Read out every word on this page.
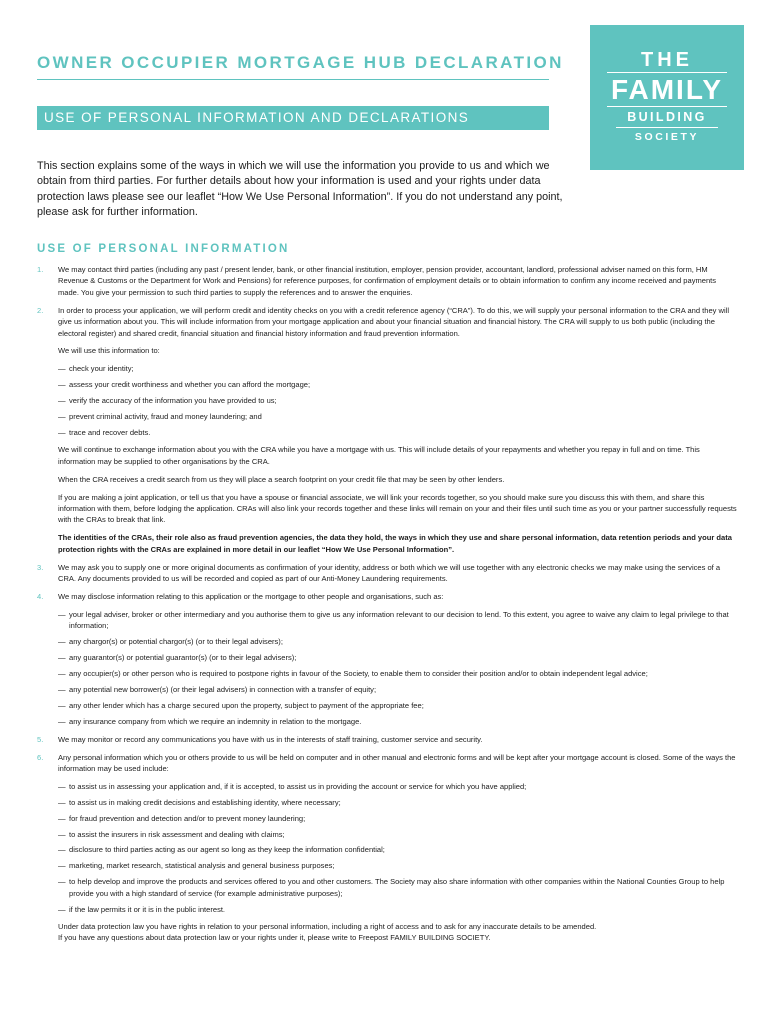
OWNER OCCUPIER MORTGAGE HUB DECLARATION
USE OF PERSONAL INFORMATION AND DECLARATIONS
THE
FAMILY
BUILDING
SOCIETY
This section explains some of the ways in which we will use the information you provide to us and which we obtain from third parties. For further details about how your information is used and your rights under data protection laws please see our leaflet “How We Use Personal Information”. If you do not understand any point, please ask for further information.
USE OF PERSONAL INFORMATION
1. We may contact third parties (including any past / present lender, bank, or other financial institution, employer, pension provider, accountant, landlord, professional adviser named on this form, HM Revenue & Customs or the Department for Work and Pensions) for reference purposes, for confirmation of employment details or to obtain information to confirm any income received and payments made. You give your permission to such third parties to supply the references and to answer the enquiries.
2. In order to process your application, we will perform credit and identity checks on you with a credit reference agency (“CRA”). To do this, we will supply your personal information to the CRA and they will give us information about you. This will include information from your mortgage application and about your financial situation and financial history. The CRA will supply to us both public (including the electoral register) and shared credit, financial situation and financial history information and fraud prevention information.
We will use this information to:
— check your identity;
— assess your credit worthiness and whether you can afford the mortgage;
— verify the accuracy of the information you have provided to us;
— prevent criminal activity, fraud and money laundering; and
— trace and recover debts.
We will continue to exchange information about you with the CRA while you have a mortgage with us. This will include details of your repayments and whether you repay in full and on time. This information may be supplied to other organisations by the CRA.
When the CRA receives a credit search from us they will place a search footprint on your credit file that may be seen by other lenders.
If you are making a joint application, or tell us that you have a spouse or financial associate, we will link your records together, so you should make sure you discuss this with them, and share this information with them, before lodging the application. CRAs will also link your records together and these links will remain on your and their files until such time as you or your partner successfully requests with the CRAs to break that link.
The identities of the CRAs, their role also as fraud prevention agencies, the data they hold, the ways in which they use and share personal information, data retention periods and your data protection rights with the CRAs are explained in more detail in our leaflet “How We Use Personal Information”.
3. We may ask you to supply one or more original documents as confirmation of your identity, address or both which we will use together with any electronic checks we may make using the services of a CRA. Any documents provided to us will be recorded and copied as part of our Anti-Money Laundering requirements.
4. We may disclose information relating to this application or the mortgage to other people and organisations, such as:
— your legal adviser, broker or other intermediary and you authorise them to give us any information relevant to our decision to lend. To this extent, you agree to waive any claim to legal privilege to that information;
— any chargor(s) or potential chargor(s) (or to their legal advisers);
— any guarantor(s) or potential guarantor(s) (or to their legal advisers);
— any occupier(s) or other person who is required to postpone rights in favour of the Society, to enable them to consider their position and/or to obtain independent legal advice;
— any potential new borrower(s) (or their legal advisers) in connection with a transfer of equity;
— any other lender which has a charge secured upon the property, subject to payment of the appropriate fee;
— any insurance company from which we require an indemnity in relation to the mortgage.
5. We may monitor or record any communications you have with us in the interests of staff training, customer service and security.
6. Any personal information which you or others provide to us will be held on computer and in other manual and electronic forms and will be kept after your mortgage account is closed. Some of the ways the information may be used include:
— to assist us in assessing your application and, if it is accepted, to assist us in providing the account or service for which you have applied;
— to assist us in making credit decisions and establishing identity, where necessary;
— for fraud prevention and detection and/or to prevent money laundering;
— to assist the insurers in risk assessment and dealing with claims;
— disclosure to third parties acting as our agent so long as they keep the information confidential;
— marketing, market research, statistical analysis and general business purposes;
— to help develop and improve the products and services offered to you and other customers. The Society may also share information with other companies within the National Counties Group to help provide you with a high standard of service (for example administrative purposes);
— if the law permits it or it is in the public interest.
Under data protection law you have rights in relation to your personal information, including a right of access and to ask for any inaccurate details to be amended.
If you have any questions about data protection law or your rights under it, please write to Freepost FAMILY BUILDING SOCIETY.
